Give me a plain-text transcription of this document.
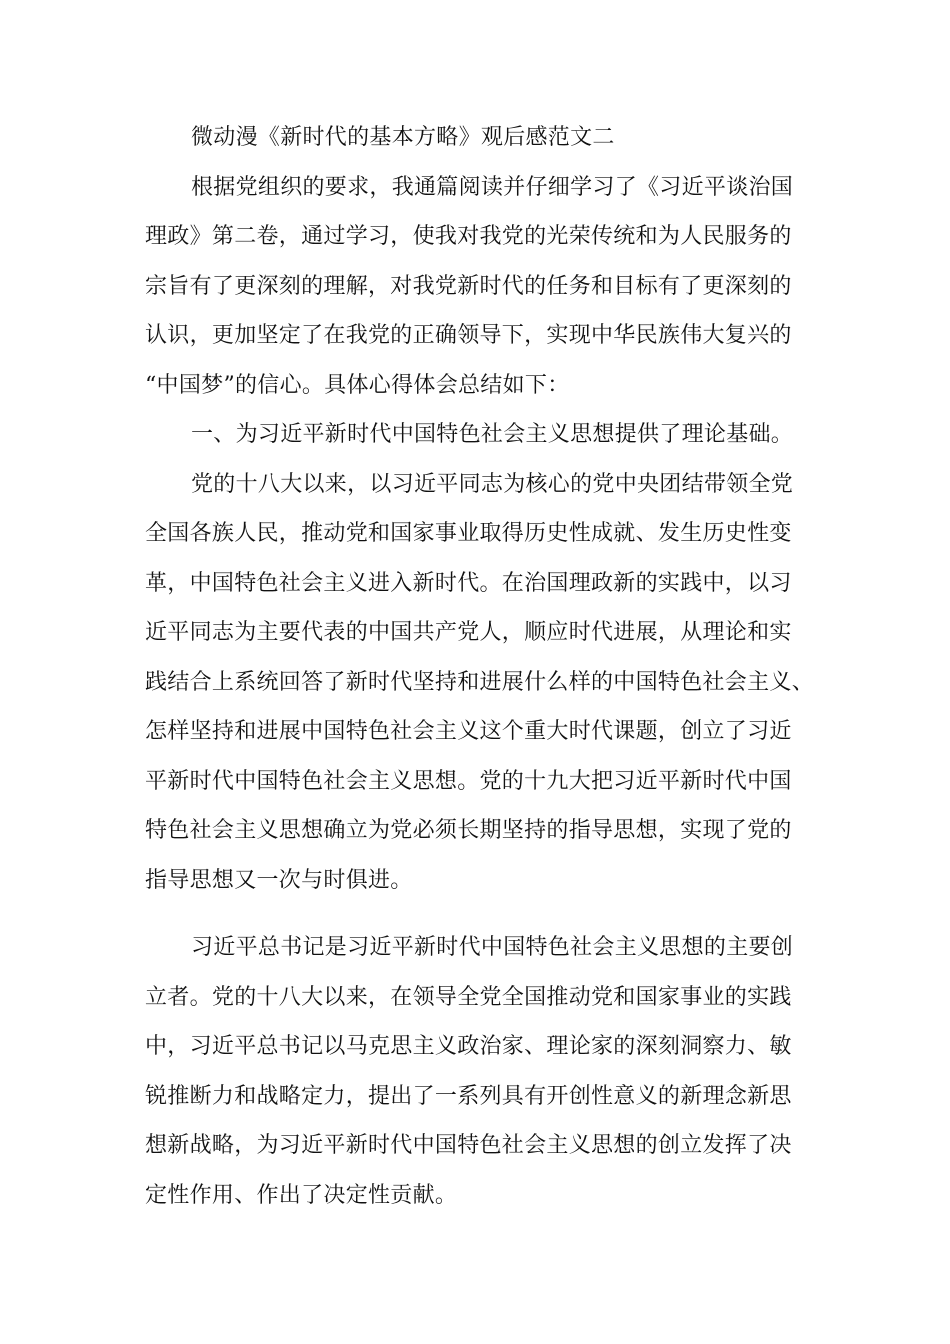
微动漫《新时代的基本方略》观后感范文二
根据党组织的要求，我通篇阅读并仔细学习了《习近平谈治国
理政》第二卷，通过学习，使我对我党的光荣传统和为人民服务的
宗旨有了更深刻的理解，对我党新时代的任务和目标有了更深刻的
认识，更加坚定了在我党的正确领导下，实现中华民族伟大复兴的
“中国梦”的信心。具体心得体会总结如下：
一、为习近平新时代中国特色社会主义思想提供了理论基础。
党的十八大以来，以习近平同志为核心的党中央团结带领全党
全国各族人民，推动党和国家事业取得历史性成就、发生历史性变
革，中国特色社会主义进入新时代。在治国理政新的实践中，以习
近平同志为主要代表的中国共产党人，顺应时代进展，从理论和实
践结合上系统回答了新时代坚持和进展什么样的中国特色社会主义、
怎样坚持和进展中国特色社会主义这个重大时代课题，创立了习近
平新时代中国特色社会主义思想。党的十九大把习近平新时代中国
特色社会主义思想确立为党必须长期坚持的指导思想，实现了党的
指导思想又一次与时俱进。
习近平总书记是习近平新时代中国特色社会主义思想的主要创
立者。党的十八大以来，在领导全党全国推动党和国家事业的实践
中，习近平总书记以马克思主义政治家、理论家的深刻洞察力、敏
锐推断力和战略定力，提出了一系列具有开创性意义的新理念新思
想新战略，为习近平新时代中国特色社会主义思想的创立发挥了决
定性作用、作出了决定性贡献。
